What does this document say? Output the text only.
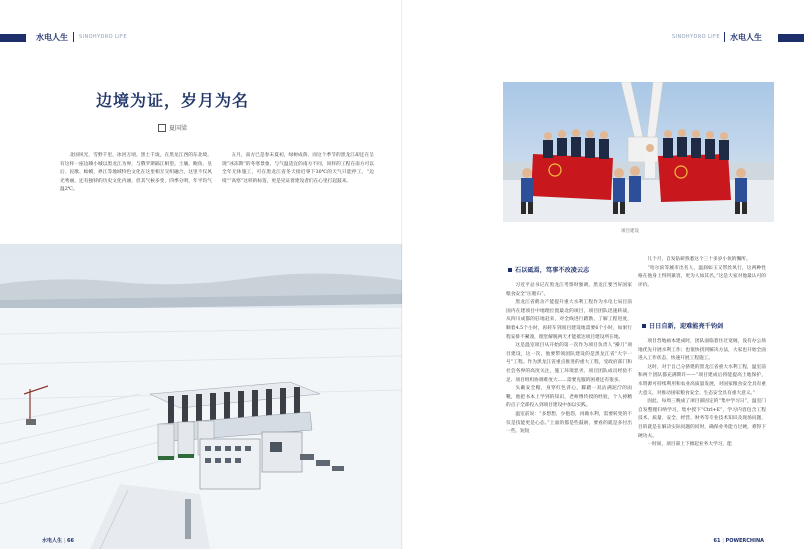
水电人生 SINOHYDRO LIFE
边境为证，岁月为名
夏国梁

北国风光，雪野千里，冰河万顷。黑土千垅，在黑龙江西的东北境，有这样一座边陲小城以黑龙江为界，与俄罗斯隔江相望。土壤，鲍鱼、皇后、民歌、蛤蟆，界江等地域特色文化在这里相互交织融合，这里不仅风光秀丽，还有独特的历史文化内涵，但其气候多变，四季分明，年平均气温2℃。

五月，南方已是春末夏初，绿树成荫，而这个季节的黑龙江却还在呈现“冰冻期”的冬寒景象，与气温适宜的南方不同，同样的工程在南方可以全年无休施工，可在黑龙江省冬天接近零下30℃的天气只能停工，“边境”“高寒”这样的标签，更是见证着建设者们在心里打起鼓来。

水电人生 | 66
SINOHYDRO LIFE 水电人生
项目建设
石以砥焉，笃事不改凌云志

习近平总书记在黑龙江考察时强调，黑龙江要当好国家粮食安全“压舱石”。

黑龙江省鹤舍产能提升重大水利工程作为水电七局目前国内在建项目中地理位置最北的项目，项目团队迅速转战，从四川成都的驻地赶来，对全线进行踏勘，了解工程进度，顺着4.5个小时，再转车到项目建设地需要6个小时，如果行程安排不紧凑，理堂解脱两天才能抵达项目建设所在地。

这是温室项目从开始的第一次作为项目负责人“操刀”项目建设，这一次，他要带领团队建设的是黑龙江省“大字一号”工程。作为黑龙江省重点推进的重大工程，受政府部门和社会各界的高度关注，施工环境恶劣、项目团队成员经验不足、项目组织协调难度大……需要克服的困难还有很多。

头戴安全帽，身穿红色背心，脚踏一双沾满泥泞的雨靴，他把书本上学到的知识，老师傅传授的经验，个人掉精的点子全部投入到项目建设中加以实践。

温室前说：“多想想，少抱怨，再做水利，需要转变的不仅是技能更是心态。”上面的都是些鼓励，要看的就是多付出一些。短短

几个月，自发钻研熟悉这个三十多岁小伙的懈所。

“哈尔滨等城市出名人，温润如玉又带丝风行，这两种性格在他身上得到兼容，更为人如其名。”这是大家对他最认可的评价。

日日自新，迎难能亮千钧剑

项目营地画本建成时，团队面临着住过宽阔，没有办公场地优先开展水利工作；也很快找到解决方法，大家也开始全面进入工作状态，快速开展工程施工。

这时，对于自己分挤建的黑龙江省重大水利工程，温室前和两个团队都充满期许——“项目建成后将能提高土地保护，水资源可持续利用和农业高质量发展，对国家粮食安全具有重大意义，对推动国家粮食安全、生态安全具有重大意义。”

因此，每周三晚成了项目部固定的“集中学习日”，温室门自发整理归纳学习，集中授下“Ctrl+E”，学习内容包含工程技术、质量、安全、经营、财务等专业技术知识及现场问题，目的就是在解决实际问题的同时，确保业务能力过硬，难得下硬功夫。

一时间，项目部上下掀起业务大学习，能

61 | POWERCHINA
